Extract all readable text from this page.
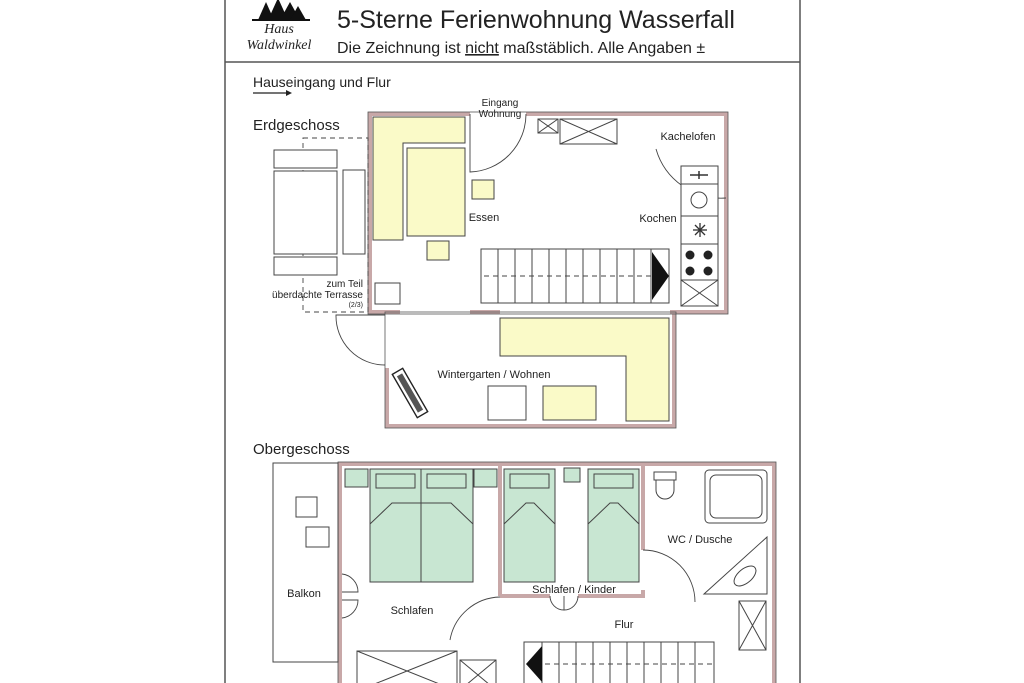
Haus
Waldwinkel
5-Sterne Ferienwohnung Wasserfall
Die Zeichnung ist nicht maßstäblich. Alle Angaben ±
Hauseingang und Flur
Erdgeschoss
Eingang
Wohnung
Kachelofen
Essen	Kochen
zum Teil
überdachte Terrasse
(2/3)
Wintergarten / Wohnen
Obergeschoss
WC / Dusche
Balkon
Schlafen
Schlafen / Kinder
Flur
